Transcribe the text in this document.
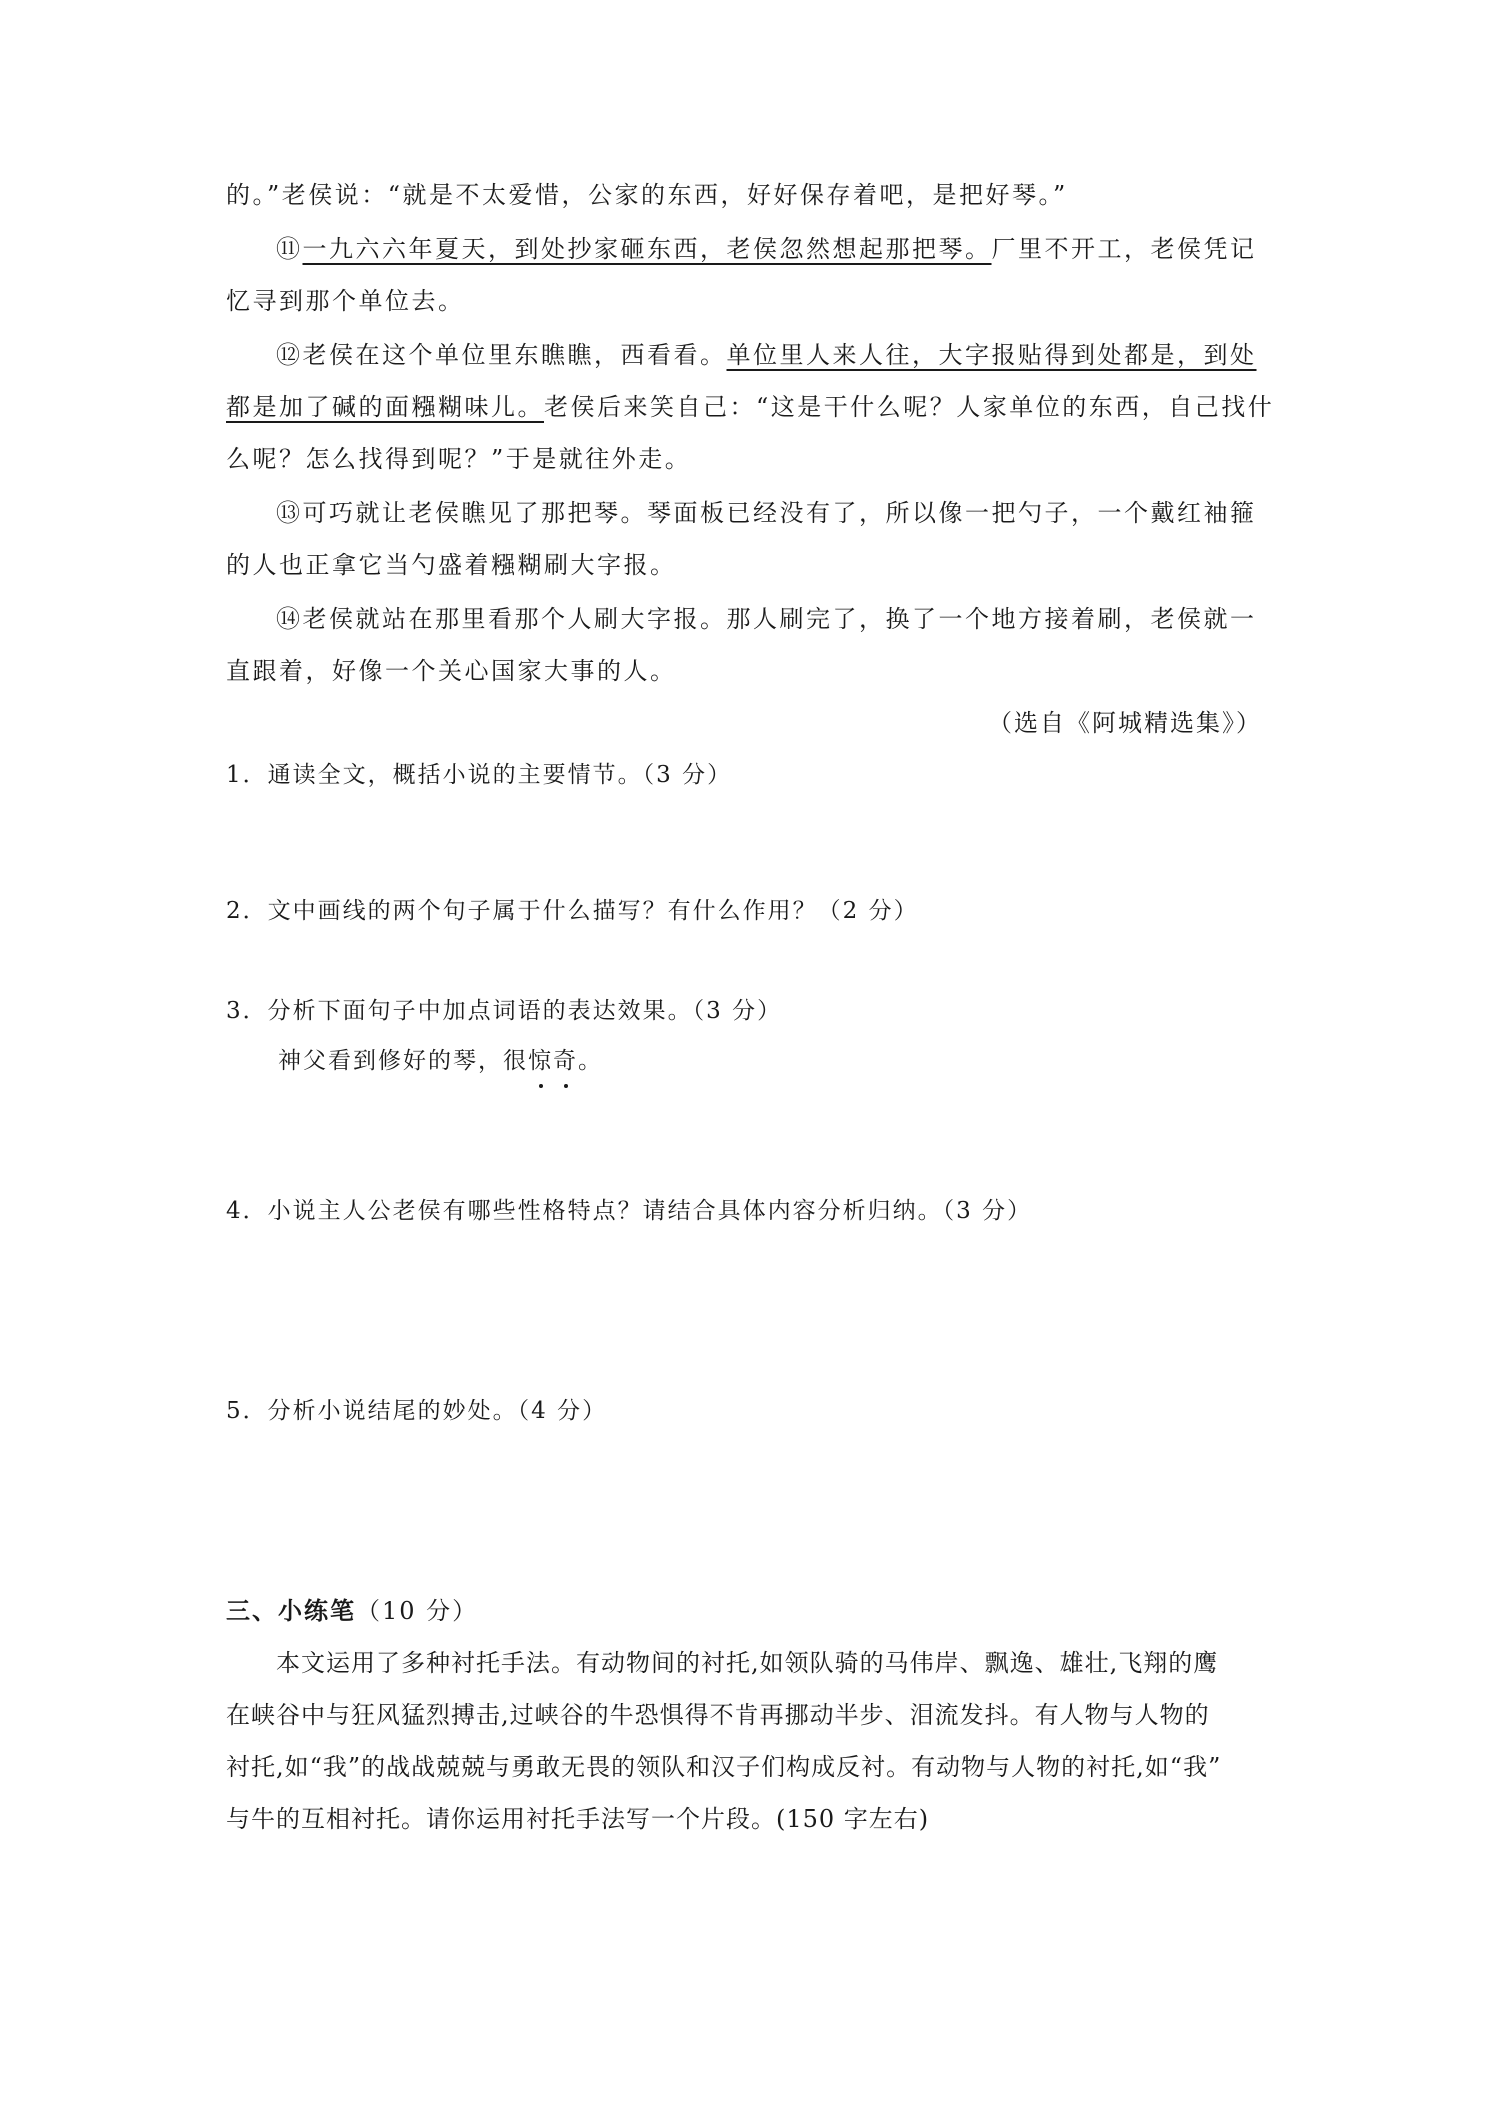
的。”老侯说：“就是不太爱惜，公家的东西，好好保存着吧，是把好琴。”
⑪一九六六年夏天，到处抄家砸东西，老侯忽然想起那把琴。厂里不开工，老侯凭记
忆寻到那个单位去。
⑫老侯在这个单位里东瞧瞧，西看看。单位里人来人往，大字报贴得到处都是，到处
都是加了碱的面糨糊味儿。老侯后来笑自己：“这是干什么呢？人家单位的东西，自己找什
么呢？怎么找得到呢？”于是就往外走。
⑬可巧就让老侯瞧见了那把琴。琴面板已经没有了，所以像一把勺子，一个戴红袖箍
的人也正拿它当勺盛着糨糊刷大字报。
⑭老侯就站在那里看那个人刷大字报。那人刷完了，换了一个地方接着刷，老侯就一
直跟着，好像一个关心国家大事的人。
（选自《阿城精选集》）
1．通读全文，概括小说的主要情节。（3 分）
2．文中画线的两个句子属于什么描写？有什么作用？（2 分）
3．分析下面句子中加点词语的表达效果。（3 分）
神父看到修好的琴，很惊奇。
4．小说主人公老侯有哪些性格特点？请结合具体内容分析归纳。（3 分）
5．分析小说结尾的妙处。（4 分）
三、小练笔（10 分）
本文运用了多种衬托手法。有动物间的衬托,如领队骑的马伟岸、飘逸、雄壮,飞翔的鹰
在峡谷中与狂风猛烈搏击,过峡谷的牛恐惧得不肯再挪动半步、泪流发抖。有人物与人物的
衬托,如“我”的战战兢兢与勇敢无畏的领队和汉子们构成反衬。有动物与人物的衬托,如“我”
与牛的互相衬托。请你运用衬托手法写一个片段。(150 字左右)
